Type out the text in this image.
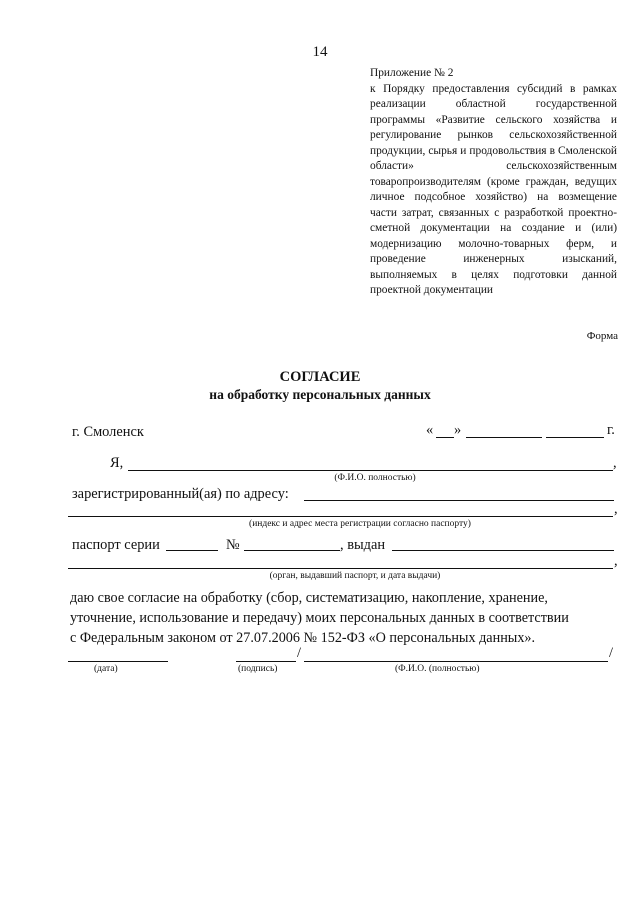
14
Приложение № 2
к Порядку предоставления субсидий в рамках реализации областной государственной программы «Развитие сельского хозяйства и регулирование рынков сельскохозяйственной продукции, сырья и продовольствия в Смоленской области» сельскохозяйственным товаропроизводителям (кроме граждан, ведущих личное подсобное хозяйство) на возмещение части затрат, связанных с разработкой проектно-сметной документации на создание и (или) модернизацию молочно-товарных ферм, и проведение инженерных изысканий, выполняемых в целях подготовки данной проектной документации
Форма
СОГЛАСИЕ
на обработку персональных данных
г. Смоленск	« »	г.
Я,	,
(Ф.И.О. полностью)
зарегистрированный(ая) по адресу:
,
(индекс и адрес места регистрации согласно паспорту)
паспорт серии	№	, выдан
,
(орган, выдавший паспорт, и дата выдачи)
даю свое согласие на обработку (сбор, систематизацию, накопление, хранение,
уточнение, использование и передачу) моих персональных данных в соответствии
с Федеральным законом от 27.07.2006 № 152-ФЗ «О персональных данных».
/	/
(дата)	(подпись)	(Ф.И.О. (полностью)
